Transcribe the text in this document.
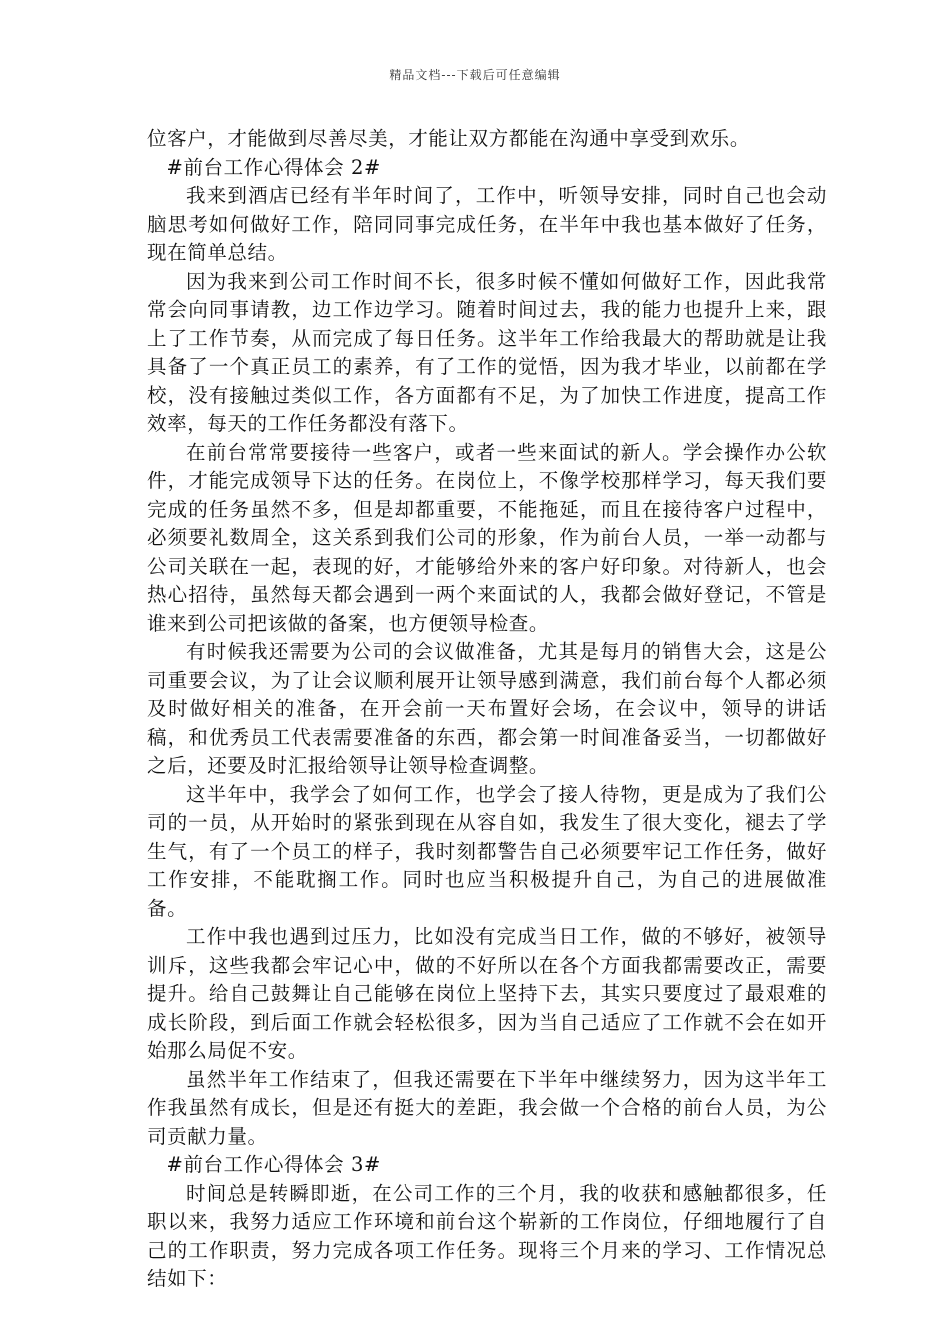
精品文档---下载后可任意编辑

位客户，才能做到尽善尽美，才能让双方都能在沟通中享受到欢乐。

#前台工作心得体会 2#

我来到酒店已经有半年时间了，工作中，听领导安排，同时自己也会动脑思考如何做好工作，陪同同事完成任务，在半年中我也基本做好了任务，现在简单总结。

因为我来到公司工作时间不长，很多时候不懂如何做好工作，因此我常常会向同事请教，边工作边学习。随着时间过去，我的能力也提升上来，跟上了工作节奏，从而完成了每日任务。这半年工作给我最大的帮助就是让我具备了一个真正员工的素养，有了工作的觉悟，因为我才毕业，以前都在学校，没有接触过类似工作，各方面都有不足，为了加快工作进度，提高工作效率，每天的工作任务都没有落下。

在前台常常要接待一些客户，或者一些来面试的新人。学会操作办公软件，才能完成领导下达的任务。在岗位上，不像学校那样学习，每天我们要完成的任务虽然不多，但是却都重要，不能拖延，而且在接待客户过程中，必须要礼数周全，这关系到我们公司的形象，作为前台人员，一举一动都与公司关联在一起，表现的好，才能够给外来的客户好印象。对待新人，也会热心招待，虽然每天都会遇到一两个来面试的人，我都会做好登记，不管是谁来到公司把该做的备案，也方便领导检查。

有时候我还需要为公司的会议做准备，尤其是每月的销售大会，这是公司重要会议，为了让会议顺利展开让领导感到满意，我们前台每个人都必须及时做好相关的准备，在开会前一天布置好会场，在会议中，领导的讲话稿，和优秀员工代表需要准备的东西，都会第一时间准备妥当，一切都做好之后，还要及时汇报给领导让领导检查调整。

这半年中，我学会了如何工作，也学会了接人待物，更是成为了我们公司的一员，从开始时的紧张到现在从容自如，我发生了很大变化，褪去了学生气，有了一个员工的样子，我时刻都警告自己必须要牢记工作任务，做好工作安排，不能耽搁工作。同时也应当积极提升自己，为自己的进展做准备。

工作中我也遇到过压力，比如没有完成当日工作，做的不够好，被领导训斥，这些我都会牢记心中，做的不好所以在各个方面我都需要改正，需要提升。给自己鼓舞让自己能够在岗位上坚持下去，其实只要度过了最艰难的成长阶段，到后面工作就会轻松很多，因为当自己适应了工作就不会在如开始那么局促不安。

虽然半年工作结束了，但我还需要在下半年中继续努力，因为这半年工作我虽然有成长，但是还有挺大的差距，我会做一个合格的前台人员，为公司贡献力量。

#前台工作心得体会 3#

时间总是转瞬即逝，在公司工作的三个月，我的收获和感触都很多，任职以来，我努力适应工作环境和前台这个崭新的工作岗位，仔细地履行了自己的工作职责，努力完成各项工作任务。现将三个月来的学习、工作情况总结如下：
